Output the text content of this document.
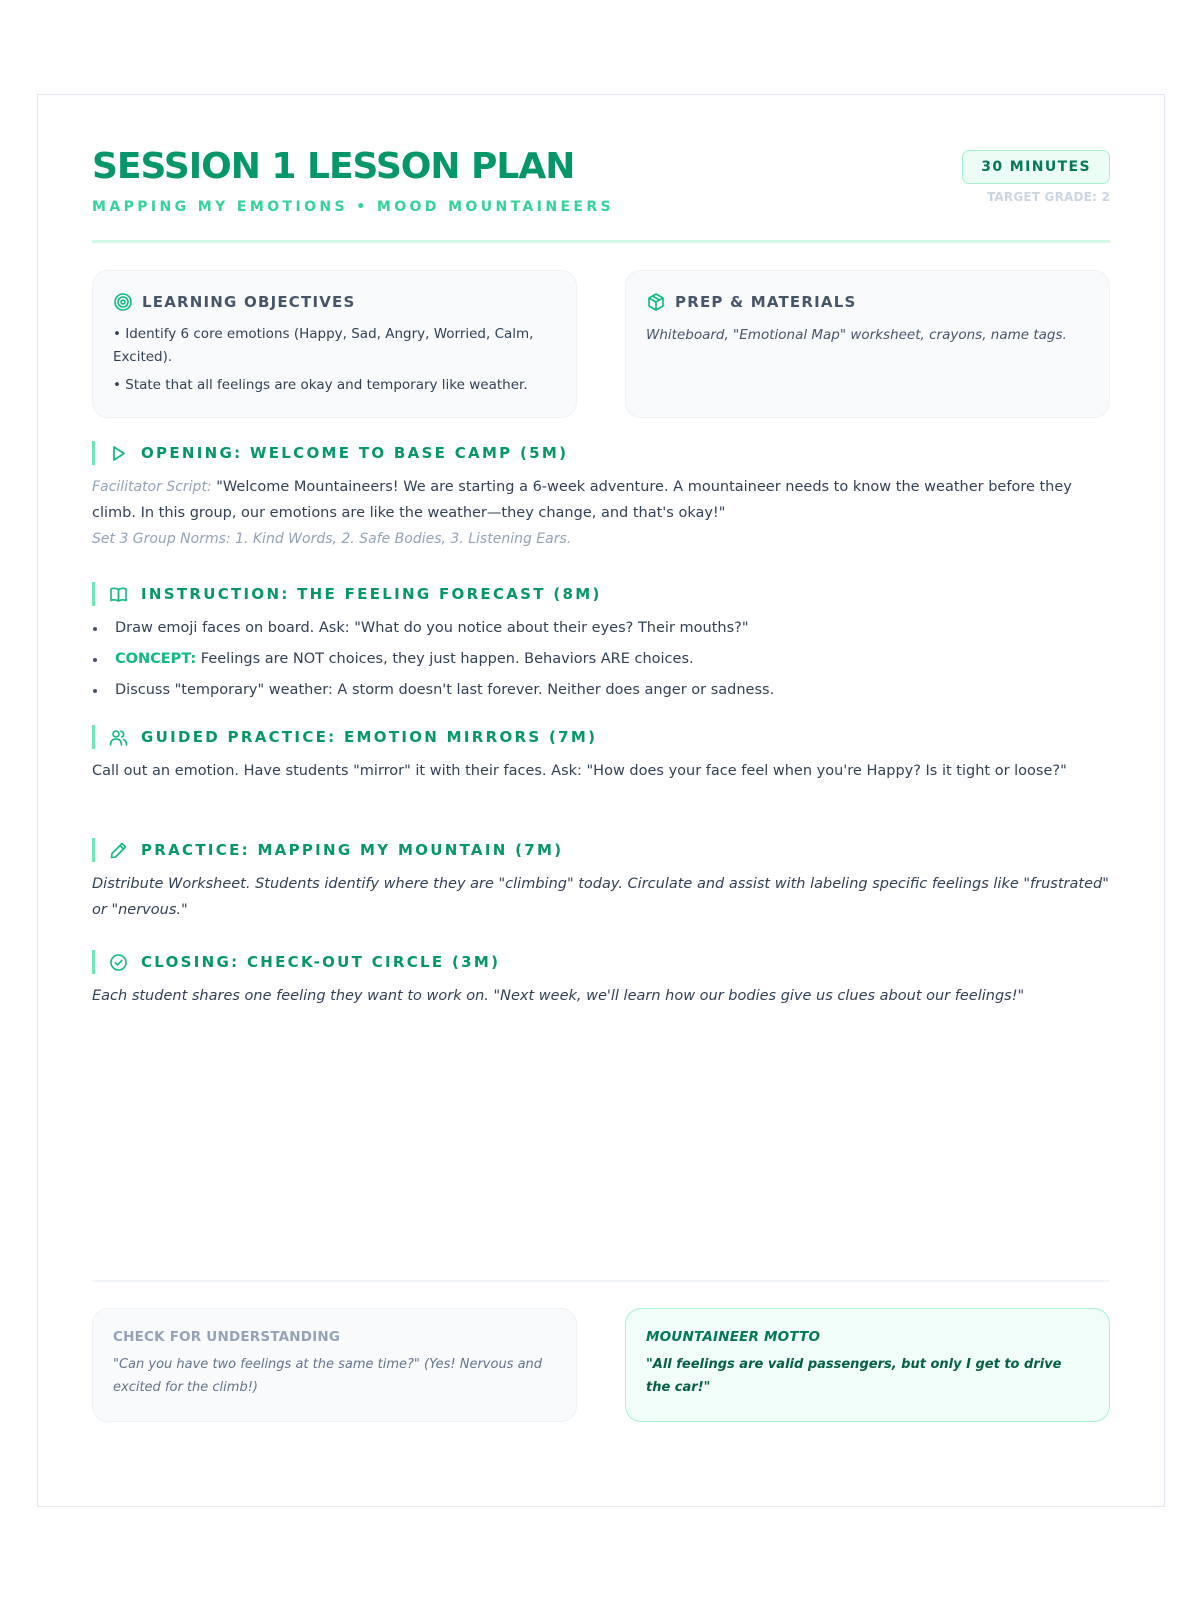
SESSION 1 LESSON PLAN
MAPPING MY EMOTIONS • MOOD MOUNTAINEERS
30 MINUTES
TARGET GRADE: 2
LEARNING OBJECTIVES
• Identify 6 core emotions (Happy, Sad, Angry, Worried, Calm, Excited).
• State that all feelings are okay and temporary like weather.
PREP & MATERIALS
Whiteboard, "Emotional Map" worksheet, crayons, name tags.
OPENING: WELCOME TO BASE CAMP (5M)
Facilitator Script: "Welcome Mountaineers! We are starting a 6-week adventure. A mountaineer needs to know the weather before they climb. In this group, our emotions are like the weather—they change, and that's okay!"
Set 3 Group Norms: 1. Kind Words, 2. Safe Bodies, 3. Listening Ears.
INSTRUCTION: THE FEELING FORECAST (8M)
Draw emoji faces on board. Ask: "What do you notice about their eyes? Their mouths?"
CONCEPT: Feelings are NOT choices, they just happen. Behaviors ARE choices.
Discuss "temporary" weather: A storm doesn't last forever. Neither does anger or sadness.
GUIDED PRACTICE: EMOTION MIRRORS (7M)
Call out an emotion. Have students "mirror" it with their faces. Ask: "How does your face feel when you're Happy? Is it tight or loose?"
PRACTICE: MAPPING MY MOUNTAIN (7M)
Distribute Worksheet. Students identify where they are "climbing" today. Circulate and assist with labeling specific feelings like "frustrated" or "nervous."
CLOSING: CHECK-OUT CIRCLE (3M)
Each student shares one feeling they want to work on. "Next week, we'll learn how our bodies give us clues about our feelings!"
CHECK FOR UNDERSTANDING
"Can you have two feelings at the same time?" (Yes! Nervous and excited for the climb!)
MOUNTAINEER MOTTO
"All feelings are valid passengers, but only I get to drive the car!"
